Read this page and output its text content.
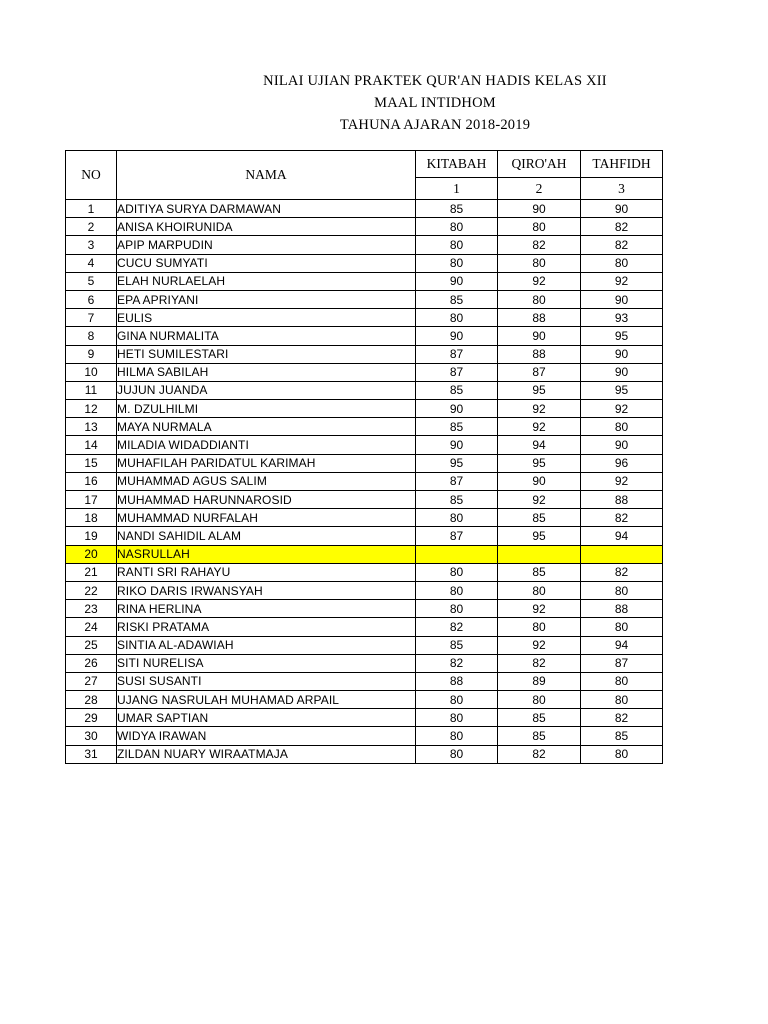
NILAI UJIAN PRAKTEK QUR'AN HADIS KELAS XII
MAAL INTIDHOM
TAHUNA AJARAN 2018-2019
NO	NAMA	KITABAH	QIRO'AH	TAHFIDH
		1	2	3
1	ADITIYA SURYA DARMAWAN	85	90	90
2	ANISA KHOIRUNIDA	80	80	82
3	APIP MARPUDIN	80	82	82
4	CUCU SUMYATI	80	80	80
5	ELAH NURLAELAH	90	92	92
6	EPA APRIYANI	85	80	90
7	EULIS	80	88	93
8	GINA NURMALITA	90	90	95
9	HETI SUMILESTARI	87	88	90
10	HILMA SABILAH	87	87	90
11	JUJUN JUANDA	85	95	95
12	M. DZULHILMI	90	92	92
13	MAYA NURMALA	85	92	80
14	MILADIA WIDADDIANTI	90	94	90
15	MUHAFILAH PARIDATUL KARIMAH	95	95	96
16	MUHAMMAD AGUS SALIM	87	90	92
17	MUHAMMAD HARUNNAROSID	85	92	88
18	MUHAMMAD NURFALAH	80	85	82
19	NANDI SAHIDIL ALAM	87	95	94
20	NASRULLAH			
21	RANTI SRI RAHAYU	80	85	82
22	RIKO DARIS IRWANSYAH	80	80	80
23	RINA HERLINA	80	92	88
24	RISKI PRATAMA	82	80	80
25	SINTIA AL-ADAWIAH	85	92	94
26	SITI NURELISA	82	82	87
27	SUSI SUSANTI	88	89	80
28	UJANG NASRULAH MUHAMAD ARPAIL	80	80	80
29	UMAR SAPTIAN	80	85	82
30	WIDYA IRAWAN	80	85	85
31	ZILDAN NUARY WIRAATMAJA	80	82	80
